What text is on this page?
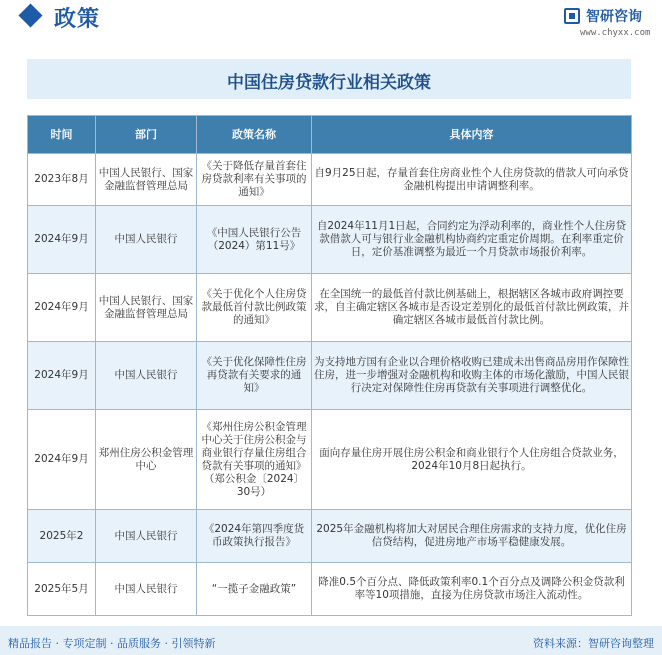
政策	智研咨询
www.chyxx.com
中国住房贷款行业相关政策
时间	部门	政策名称	具体内容
2023年8月	中国人民银行、国家金融监督管理总局	《关于降低存量首套住房贷款利率有关事项的通知》	自9月25日起，存量首套住房商业性个人住房贷款的借款人可向承贷金融机构提出申请调整利率。
2024年9月	中国人民银行	《中国人民银行公告（2024）第11号》	自2024年11月1日起，合同约定为浮动利率的，商业性个人住房贷款借款人可与银行业金融机构协商约定重定价周期。在利率重定价日，定价基准调整为最近一个月贷款市场报价利率。
2024年9月	中国人民银行、国家金融监督管理总局	《关于优化个人住房贷款最低首付款比例政策的通知》	在全国统一的最低首付款比例基础上，根据辖区各城市政府调控要求，自主确定辖区各城市是否设定差别化的最低首付款比例政策，并确定辖区各城市最低首付款比例。
2024年9月	中国人民银行	《关于优化保障性住房再贷款有关要求的通知》	为支持地方国有企业以合理价格收购已建成未出售商品房用作保障性住房，进一步增强对金融机构和收购主体的市场化激励，中国人民银行决定对保障性住房再贷款有关事项进行调整优化。
2024年9月	郑州住房公积金管理中心	《郑州住房公积金管理中心关于住房公积金与商业银行存量住房组合贷款有关事项的通知》（郑公积金〔2024〕30号）	面向存量住房开展住房公积金和商业银行个人住房组合贷款业务，2024年10月8日起执行。
2025年2	中国人民银行	《2024年第四季度货币政策执行报告》	2025年金融机构将加大对居民合理住房需求的支持力度，优化住房信贷结构，促进房地产市场平稳健康发展。
2025年5月	中国人民银行	“一揽子金融政策”	降准0.5个百分点、降低政策利率0.1个百分点及调降公积金贷款利率等10项措施，直接为住房贷款市场注入流动性。
精品报告 · 专项定制 · 品质服务 · 引领特新	资料来源：智研咨询整理
